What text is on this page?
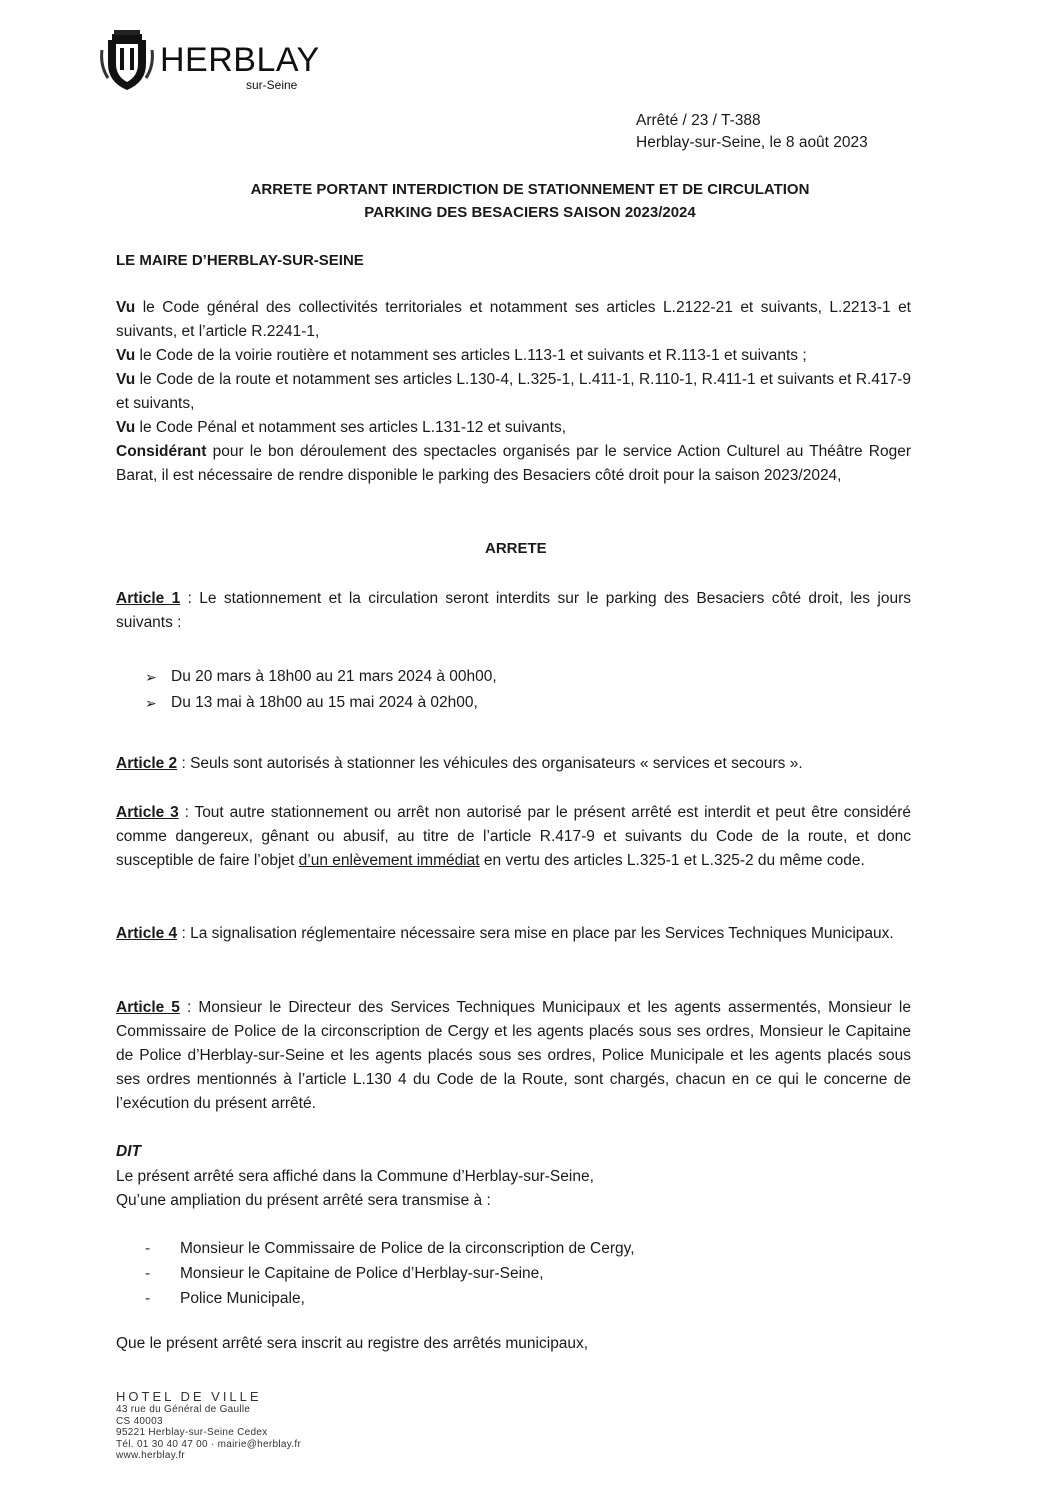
HERBLAY
sur-Seine
Arrêté / 23 / T-388
Herblay-sur-Seine, le 8 août 2023
ARRETE PORTANT INTERDICTION DE STATIONNEMENT ET DE CIRCULATION
PARKING DES BESACIERS SAISON 2023/2024
LE MAIRE D’HERBLAY-SUR-SEINE

Vu le Code général des collectivités territoriales et notamment ses articles L.2122-21 et suivants, L.2213-1 et suivants, et l’article R.2241-1,

Vu le Code de la voirie routière et notamment ses articles L.113-1 et suivants et R.113-1 et suivants ;

Vu le Code de la route et notamment ses articles L.130-4, L.325-1, L.411-1, R.110-1, R.411-1 et suivants et R.417-9 et suivants,

Vu le Code Pénal et notamment ses articles L.131-12 et suivants,

Considérant pour le bon déroulement des spectacles organisés par le service Action Culturel au Théâtre Roger Barat, il est nécessaire de rendre disponible le parking des Besaciers côté droit pour la saison 2023/2024,

ARRETE

Article 1 : Le stationnement et la circulation seront interdits sur le parking des Besaciers côté droit, les jours suivants :

➢ Du 20 mars à 18h00 au 21 mars 2024 à 00h00,
➢ Du 13 mai à 18h00 au 15 mai 2024 à 02h00,

Article 2 : Seuls sont autorisés à stationner les véhicules des organisateurs « services et secours ».

Article 3 : Tout autre stationnement ou arrêt non autorisé par le présent arrêté est interdit et peut être considéré comme dangereux, gênant ou abusif, au titre de l’article R.417-9 et suivants du Code de la route, et donc susceptible de faire l’objet d’un enlèvement immédiat en vertu des articles L.325-1 et L.325-2 du même code.

Article 4 : La signalisation réglementaire nécessaire sera mise en place par les Services Techniques Municipaux.

Article 5 : Monsieur le Directeur des Services Techniques Municipaux et les agents assermentés, Monsieur le Commissaire de Police de la circonscription de Cergy et les agents placés sous ses ordres, Monsieur le Capitaine de Police d’Herblay-sur-Seine et les agents placés sous ses ordres, Police Municipale et les agents placés sous ses ordres mentionnés à l’article L.130 4 du Code de la Route, sont chargés, chacun en ce qui le concerne de l’exécution du présent arrêté.

DIT
Le présent arrêté sera affiché dans la Commune d’Herblay-sur-Seine,
Qu’une ampliation du présent arrêté sera transmise à :
-	Monsieur le Commissaire de Police de la circonscription de Cergy,
-	Monsieur le Capitaine de Police d’Herblay-sur-Seine,
-	Police Municipale,
Que le présent arrêté sera inscrit au registre des arrêtés municipaux,
HOTEL DE VILLE
43 rue du Général de Gaulle
CS 40003
95221 Herblay-sur-Seine Cedex
Tél. 01 30 40 47 00 · mairie@herblay.fr
www.herblay.fr
